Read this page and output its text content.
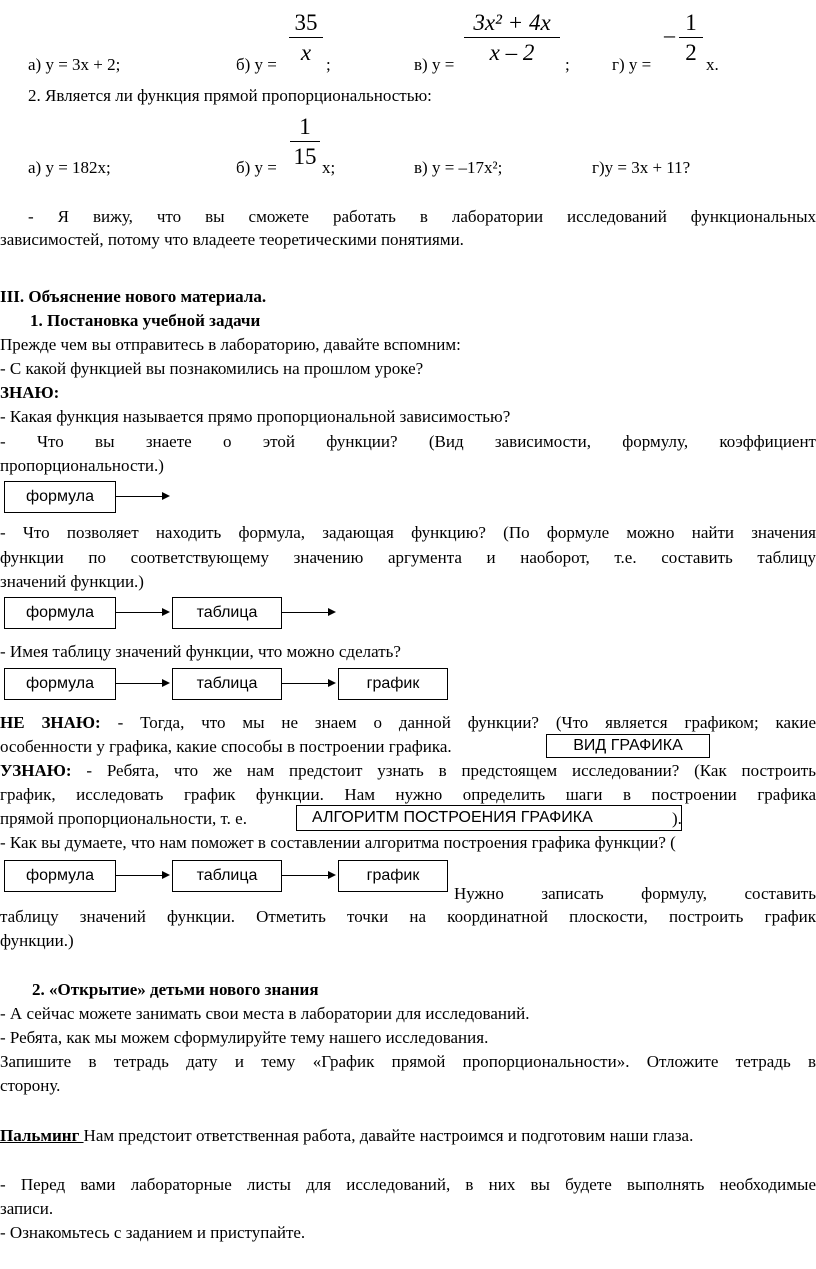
а) у = 3х + 2;	б) у =
35
x ;	в) у =
3x² + 4x
x – 2	; г) у =
– 1
2 х.
2. Является ли функция прямой пропорциональностью:
а) у = 182х;	б) у =
1
15 х;	в) у = –17х²;	г)у = 3х + 11?
- Я вижу, что вы сможете работать в лаборатории исследований функциональных
зависимостей, потому что владеете теоретическими понятиями.
III. Объяснение нового материала.
1. Постановка учебной задачи
Прежде чем вы отправитесь в лабораторию, давайте вспомним:
- С какой функцией вы познакомились на прошлом уроке?
ЗНАЮ:
- Какая функция называется прямо пропорциональной зависимостью?
- Что вы знаете о этой функции? (Вид зависимости, формулу, коэффициент
пропорциональности.)
формула
- Что позволяет находить формула, задающая функцию? (По формуле можно найти значения
функции по соответствующему значению аргумента и наоборот, т.е. составить таблицу
значений функции.)
формула	таблица
- Имея таблицу значений функции, что можно сделать?
формула	таблица	график
НЕ ЗНАЮ: - Тогда, что мы не знаем о данной функции? (Что является графиком; какие
особенности у графика, какие способы в построении графика.	ВИД ГРАФИКА
УЗНАЮ: - Ребята, что же нам предстоит узнать в предстоящем исследовании? (Как построить
график, исследовать график функции. Нам нужно определить шаги в построении графика
прямой пропорциональности, т. е.	АЛГОРИТМ ПОСТРОЕНИЯ ГРАФИКА	).
- Как вы думаете, что нам поможет в составлении алгоритма построения графика функции? (
формула	таблица	график
Нужно записать формулу, составить
таблицу значений функции. Отметить точки на координатной плоскости, построить график
функции.)
2. «Открытие» детьми нового знания
- А сейчас можете занимать свои места в лаборатории для исследований.
- Ребята, как мы можем сформулируйте тему нашего исследования.
Запишите в тетрадь дату и тему «График прямой пропорциональности». Отложите тетрадь в
сторону.
Пальминг Нам предстоит ответственная работа, давайте настроимся и подготовим наши глаза.
- Перед вами лабораторные листы для исследований, в них вы будете выполнять необходимые
записи.
- Ознакомьтесь с заданием и приступайте.
